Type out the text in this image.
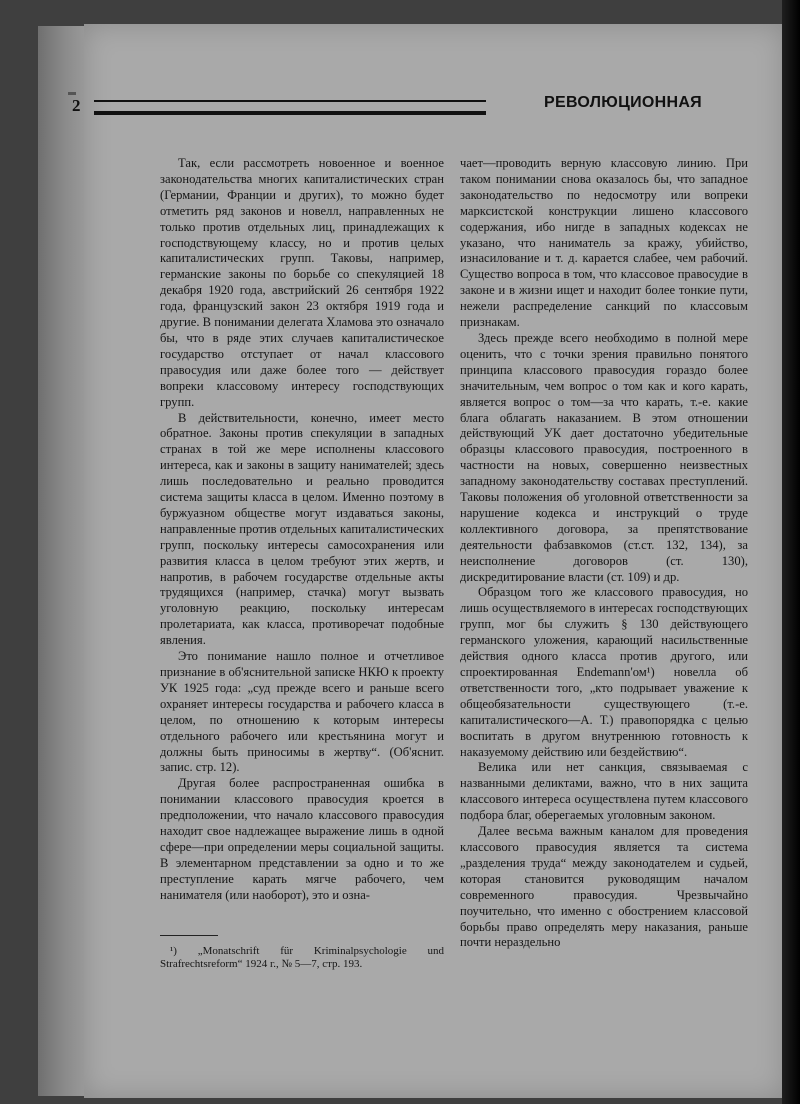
2	РЕВОЛЮЦИОННАЯ

Так, если рассмотреть новоенное и военное законодательства многих капиталистических стран (Германии, Франции и других), то можно будет отметить ряд законов и новелл, направленных не только против отдельных лиц, принадлежащих к господствующему классу, но и против целых капиталистических групп. Таковы, например, германские законы по борьбе со спекуляцией 18 декабря 1920 года, австрийский 26 сентября 1922 года, французский закон 23 октября 1919 года и другие. В понимании делегата Хламова это означало бы, что в ряде этих случаев капиталистическое государство отступает от начал классового правосудия или даже более того — действует вопреки классовому интересу господствующих групп.

В действительности, конечно, имеет место обратное. Законы против спекуляции в западных странах в той же мере исполнены классового интереса, как и законы в защиту нанимателей; здесь лишь последовательно и реально проводится система защиты класса в целом. Именно поэтому в буржуазном обществе могут издаваться законы, направленные против отдельных капиталистических групп, поскольку интересы самосохранения или развития класса в целом требуют этих жертв, и напротив, в рабочем государстве отдельные акты трудящихся (например, стачка) могут вызвать уголовную реакцию, поскольку интересам пролетариата, как класса, противоречат подобные явления.

Это понимание нашло полное и отчетливое признание в об'яснительной записке НКЮ к проекту УК 1925 года: „суд прежде всего и раньше всего охраняет интересы государства и рабочего класса в целом, по отношению к которым интересы отдельного рабочего или крестьянина могут и должны быть приносимы в жертву“. (Об'яснит. запис. стр. 12).

Другая более распространенная ошибка в понимании классового правосудия кроется в предположении, что начало классового правосудия находит свое надлежащее выражение лишь в одной сфере—при определении меры социальной защиты. В элементарном представлении за одно и то же преступление карать мягче рабочего, чем нанимателя (или наоборот), это и озна-

чает—проводить верную классовую линию. При таком понимании снова оказалось бы, что западное законодательство по недосмотру или вопреки марксистской конструкции лишено классового содержания, ибо нигде в западных кодексах не указано, что наниматель за кражу, убийство, изнасилование и т. д. карается слабее, чем рабочий. Существо вопроса в том, что классовое правосудие в законе и в жизни ищет и находит более тонкие пути, нежели распределение санкций по классовым признакам.

Здесь прежде всего необходимо в полной мере оценить, что с точки зрения правильно понятого принципа классового правосудия гораздо более значительным, чем вопрос о том как и кого карать, является вопрос о том—за что карать, т.-е. какие блага облагать наказанием. В этом отношении действующий УК дает достаточно убедительные образцы классового правосудия, построенного в частности на новых, совершенно неизвестных западному законодательству составах преступлений. Таковы положения об уголовной ответственности за нарушение кодекса и инструкций о труде коллективного договора, за препятствование деятельности фабзавкомов (ст.ст. 132, 134), за неисполнение договоров (ст. 130), дискредитирование власти (ст. 109) и др.

Образцом того же классового правосудия, но лишь осуществляемого в интересах господствующих групп, мог бы служить § 130 действующего германского уложения, карающий насильственные действия одного класса против другого, или спроектированная Endemann'ом¹) новелла об ответственности того, „кто подрывает уважение к общеобязательности существующего (т.-е. капиталистического—А. Т.) правопорядка с целью воспитать в другом внутреннюю готовность к наказуемому действию или бездействию“.

Велика или нет санкция, связываемая с названными деликтами, важно, что в них защита классового интереса осуществлена путем классового подбора благ, оберегаемых уголовным законом.

Далее весьма важным каналом для проведения классового правосудия является та система „разделения труда“ между законодателем и судьей, которая становится руководящим началом современного правосудия. Чрезвычайно поучительно, что именно с обострением классовой борьбы право определять меру наказания, раньше почти нераздельно

¹) „Monatschrift für Kriminalpsychologie und Strafrechtsreform“ 1924 г., № 5—7, стр. 193.
